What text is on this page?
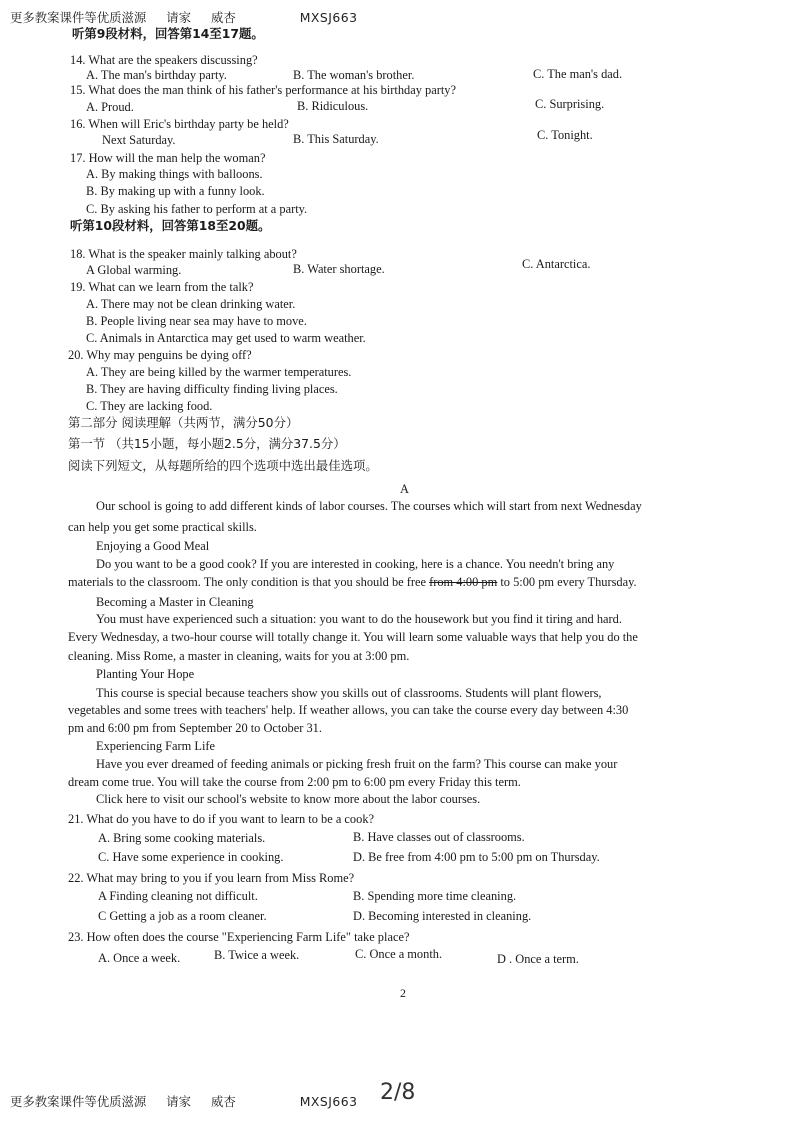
更多教案课件等优质滋源 请家 威杏	MXSJ663
听第9段材料，回答第14至17题。
14. What are the speakers discussing?
A. The man's birthday party.	B. The woman's brother.	C. The man's dad.
15. What does the man think of his father's performance at his birthday party?
A. Proud.	B. Ridiculous.	C. Surprising.
16. When will Eric's birthday party be held?
Next Saturday.	B. This Saturday.	C. Tonight.
17. How will the man help the woman?
A. By making things with balloons.
B. By making up with a funny look.
C. By asking his father to perform at a party.
听第10段材料，回答第18至20题。
18. What is the speaker mainly talking about?
A Global warming.	B. Water shortage.	C. Antarctica.
19. What can we learn from the talk?
A. There may not be clean drinking water.
B. People living near sea may have to move.
C. Animals in Antarctica may get used to warm weather.
20. Why may penguins be dying off?
A. They are being killed by the warmer temperatures.
B. They are having difficulty finding living places.
C. They are lacking food.
第二部分 阅读理解（共两节，满分50分）
第一节 （共15小题，每小题2.5分，满分37.5分）
阅读下列短文，从每题所给的四个选项中选出最佳选项。
A
Our school is going to add different kinds of labor courses. The courses which will start from next Wednesday
can help you get some practical skills.
Enjoying a Good Meal
Do you want to be a good cook? If you are interested in cooking, here is a chance. You needn't bring any
materials to the classroom. The only condition is that you should be free from 4:00 pm to 5:00 pm every Thursday.
Becoming a Master in Cleaning
You must have experienced such a situation: you want to do the housework but you find it tiring and hard.
Every Wednesday, a two-hour course will totally change it. You will learn some valuable ways that help you do the
cleaning. Miss Rome, a master in cleaning, waits for you at 3:00 pm.
Planting Your Hope
This course is special because teachers show you skills out of classrooms. Students will plant flowers,
vegetables and some trees with teachers' help. If weather allows, you can take the course every day between 4:30
pm and 6:00 pm from September 20 to October 31.
Experiencing Farm Life
Have you ever dreamed of feeding animals or picking fresh fruit on the farm? This course can make your
dream come true. You will take the course from 2:00 pm to 6:00 pm every Friday this term.
Click here to visit our school's website to know more about the labor courses.
21. What do you have to do if you want to learn to be a cook?
A. Bring some cooking materials.	B. Have classes out of classrooms.
C. Have some experience in cooking.	D. Be free from 4:00 pm to 5:00 pm on Thursday.
22. What may bring to you if you learn from Miss Rome?
A Finding cleaning not difficult.	B. Spending more time cleaning.
C Getting a job as a room cleaner.	D. Becoming interested in cleaning.
23. How often does the course "Experiencing Farm Life" take place?
A. Once a week.	B. Twice a week.	C. Once a month.	D . Once a term.
2
更多教案课件等优质滋源 请家 威杏	MXSJ663 2/8
